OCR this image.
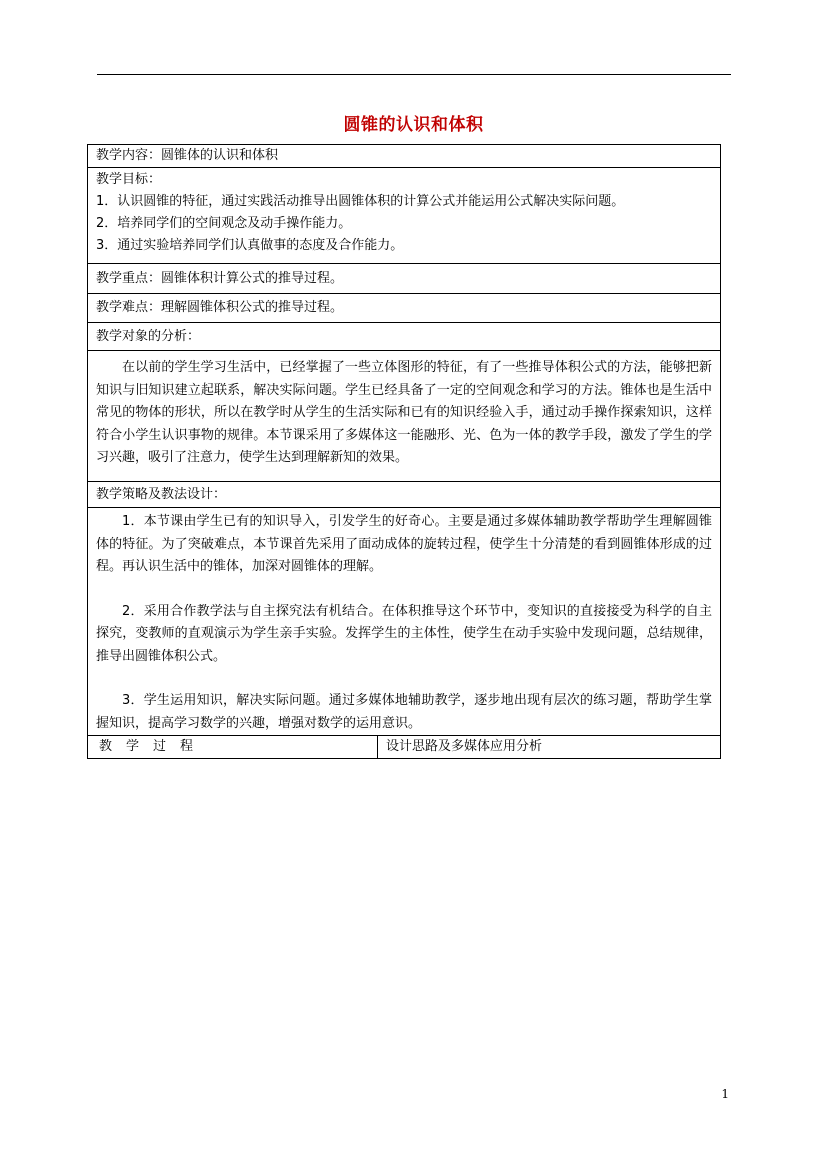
圆锥的认识和体积
教学内容：圆锥体的认识和体积

教学目标：
1．认识圆锥的特征，通过实践活动推导出圆锥体积的计算公式并能运用公式解决实际问题。
2．培养同学们的空间观念及动手操作能力。
3．通过实验培养同学们认真做事的态度及合作能力。

教学重点：圆锥体积计算公式的推导过程。
教学难点：理解圆锥体积公式的推导过程。
教学对象的分析：

在以前的学生学习生活中，已经掌握了一些立体图形的特征，有了一些推导体积公式的方法，能够把新知识与旧知识建立起联系，解决实际问题。学生已经具备了一定的空间观念和学习的方法。锥体也是生活中常见的物体的形状，所以在教学时从学生的生活实际和已有的知识经验入手，通过动手操作探索知识，这样符合小学生认识事物的规律。本节课采用了多媒体这一能融形、光、色为一体的教学手段，激发了学生的学习兴趣，吸引了注意力，使学生达到理解新知的效果。

教学策略及教法设计：

1．本节课由学生已有的知识导入，引发学生的好奇心。主要是通过多媒体辅助教学帮助学生理解圆锥体的特征。为了突破难点，本节课首先采用了面动成体的旋转过程，使学生十分清楚的看到圆锥体形成的过程。再认识生活中的锥体，加深对圆锥体的理解。

2．采用合作教学法与自主探究法有机结合。在体积推导这个环节中，变知识的直接接受为科学的自主探究，变教师的直观演示为学生亲手实验。发挥学生的主体性，使学生在动手实验中发现问题，总结规律，推导出圆锥体积公式。

3．学生运用知识，解决实际问题。通过多媒体地辅助教学，逐步地出现有层次的练习题，帮助学生掌握知识，提高学习数学的兴趣，增强对数学的运用意识。

教学过程	设计思路及多媒体应用分析
1
